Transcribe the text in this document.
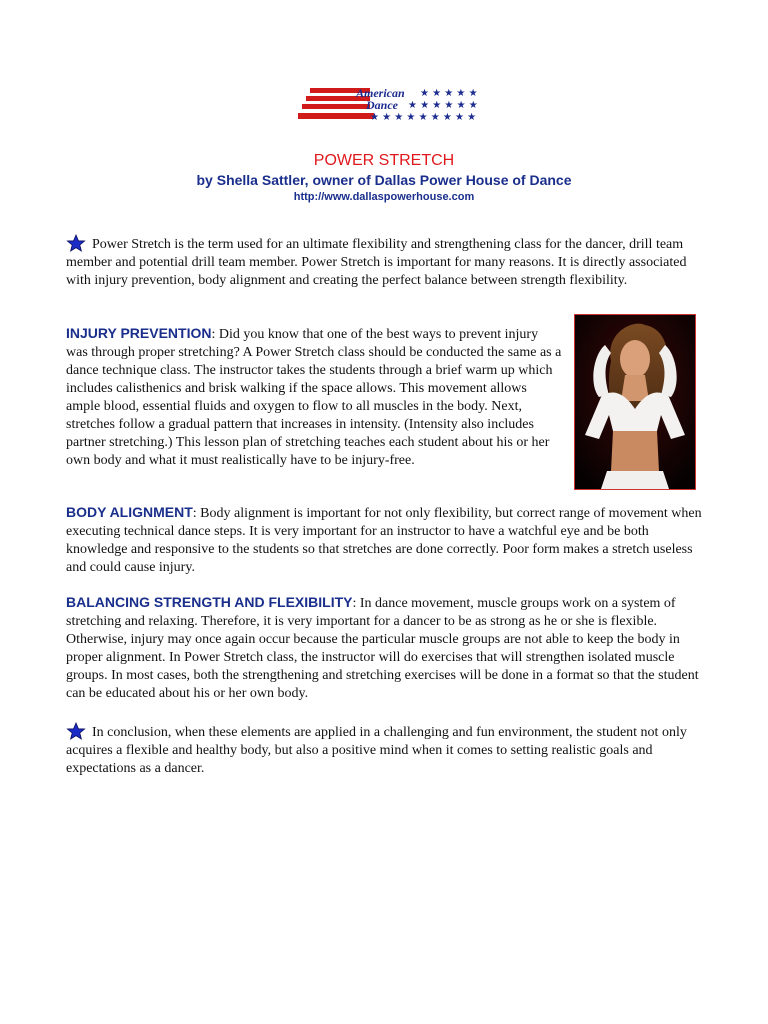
American
Dance
★ ★ ★ ★ ★
★ ★ ★ ★ ★ ★
★ ★ ★ ★ ★ ★ ★ ★ ★
POWER STRETCH
by Shella Sattler, owner of Dallas Power House of Dance
http://www.dallaspowerhouse.com

Power Stretch is the term used for an ultimate flexibility and strengthening class for the dancer, drill team member and potential drill team member. Power Stretch is important for many reasons. It is directly associated with injury prevention, body alignment and creating the perfect balance between strength flexibility.

INJURY PREVENTION: Did you know that one of the best ways to prevent injury was through proper stretching? A Power Stretch class should be conducted the same as a dance technique class. The instructor takes the students through a brief warm up which includes calisthenics and brisk walking if the space allows. This movement allows ample blood, essential fluids and oxygen to flow to all muscles in the body. Next, stretches follow a gradual pattern that increases in intensity. (Intensity also includes partner stretching.) This lesson plan of stretching teaches each student about his or her own body and what it must realistically have to be injury-free.

BODY ALIGNMENT: Body alignment is important for not only flexibility, but correct range of movement when executing technical dance steps. It is very important for an instructor to have a watchful eye and be both knowledge and responsive to the students so that stretches are done correctly. Poor form makes a stretch useless and could cause injury.

BALANCING STRENGTH AND FLEXIBILITY: In dance movement, muscle groups work on a system of stretching and relaxing. Therefore, it is very important for a dancer to be as strong as he or she is flexible. Otherwise, injury may once again occur because the particular muscle groups are not able to keep the body in proper alignment. In Power Stretch class, the instructor will do exercises that will strengthen isolated muscle groups. In most cases, both the strengthening and stretching exercises will be done in a format so that the student can be educated about his or her own body.

In conclusion, when these elements are applied in a challenging and fun environment, the student not only acquires a flexible and healthy body, but also a positive mind when it comes to setting realistic goals and expectations as a dancer.
